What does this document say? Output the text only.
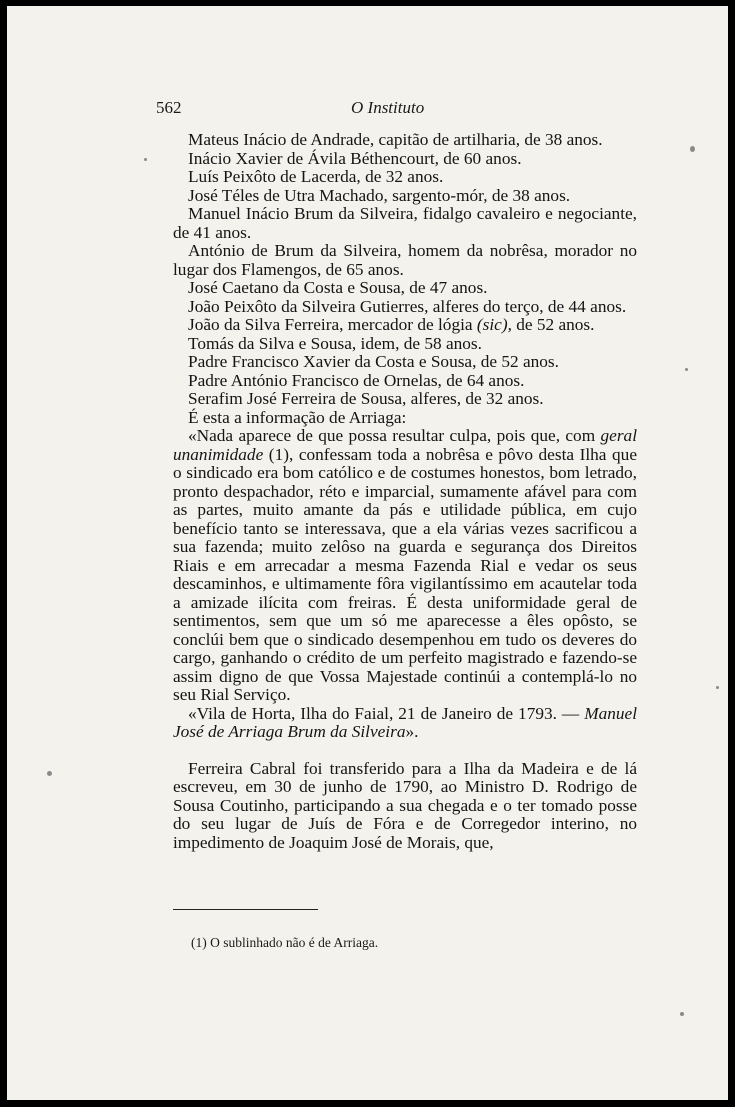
562	O Instituto

Mateus Inácio de Andrade, capitão de artilharia, de 38 anos.

Inácio Xavier de Ávila Béthencourt, de 60 anos.

Luís Peixôto de Lacerda, de 32 anos.

José Téles de Utra Machado, sargento-mór, de 38 anos.

Manuel Inácio Brum da Silveira, fidalgo cavaleiro e negociante, de 41 anos.

António de Brum da Silveira, homem da nobrêsa, morador no lugar dos Flamengos, de 65 anos.

José Caetano da Costa e Sousa, de 47 anos.

João Peixôto da Silveira Gutierres, alferes do terço, de 44 anos.

João da Silva Ferreira, mercador de lógia (sic), de 52 anos.

Tomás da Silva e Sousa, idem, de 58 anos.

Padre Francisco Xavier da Costa e Sousa, de 52 anos.

Padre António Francisco de Ornelas, de 64 anos.

Serafim José Ferreira de Sousa, alferes, de 32 anos.

É esta a informação de Arriaga:

«Nada aparece de que possa resultar culpa, pois que, com geral unanimidade (1), confessam toda a nobrêsa e pôvo desta Ilha que o sindicado era bom católico e de costumes honestos, bom letrado, pronto despachador, réto e imparcial, sumamente afável para com as partes, muito amante da pás e utilidade pública, em cujo benefício tanto se interessava, que a ela várias vezes sacrificou a sua fazenda; muito zelôso na guarda e segurança dos Direitos Riais e em arrecadar a mesma Fazenda Rial e vedar os seus descaminhos, e ultimamente fôra vigilantíssimo em acautelar toda a amizade ilícita com freiras. É desta uniformidade geral de sentimentos, sem que um só me aparecesse a êles opôsto, se conclúi bem que o sindicado desempenhou em tudo os deveres do cargo, ganhando o crédito de um perfeito magistrado e fazendo-se assim digno de que Vossa Majestade continúi a contemplá-lo no seu Rial Serviço.

«Vila de Horta, Ilha do Faial, 21 de Janeiro de 1793. — Manuel José de Arriaga Brum da Silveira».

Ferreira Cabral foi transferido para a Ilha da Madeira e de lá escreveu, em 30 de junho de 1790, ao Ministro D. Rodrigo de Sousa Coutinho, participando a sua chegada e o ter tomado posse do seu lugar de Juís de Fóra e de Corregedor interino, no impedimento de Joaquim José de Morais, que,

(1) O sublinhado não é de Arriaga.
